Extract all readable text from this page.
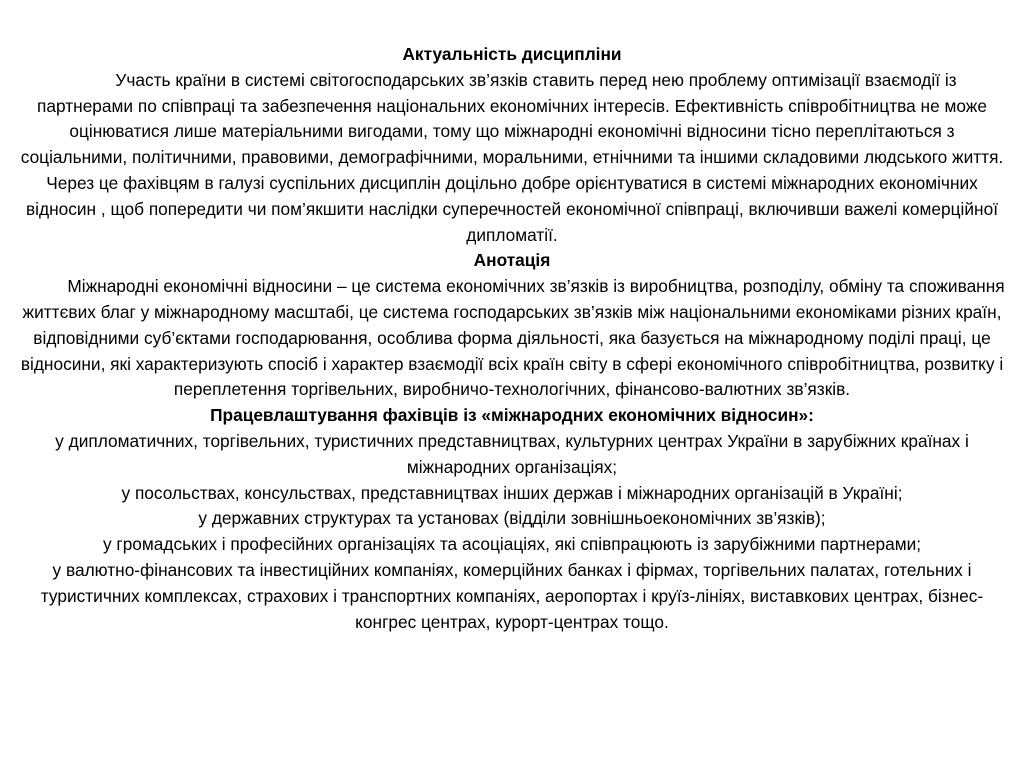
Актуальність дисципліни

Участь країни в системі світогосподарських зв’язків ставить перед нею проблему оптимізації взаємодії із партнерами по співпраці та забезпечення національних економічних інтересів. Ефективність співробітництва не може оцінюватися лише матеріальними вигодами, тому що міжнародні економічні відносини тісно переплітаються з соціальними, політичними, правовими, демографічними, моральними, етнічними та іншими складовими людського життя. Через це фахівцям в галузі суспільних дисциплін доцільно добре орієнтуватися в системі міжнародних економічних відносин , щоб попередити чи пом’якшити наслідки суперечностей економічної співпраці, включивши важелі комерційної дипломатії.

Анотація

Міжнародні економічні відносини – це система економічних зв’язків із виробництва, розподілу, обміну та споживання життєвих благ у міжнародному масштабі, це система господарських зв’язків між національними економіками різних країн, відповідними суб’єктами господарювання, особлива форма діяльності, яка базується на міжнародному поділі праці, це відносини, які характеризують спосіб і характер взаємодії всіх країн світу в сфері економічного співробітництва, розвитку і переплетення торгівельних, виробничо-технологічних, фінансово-валютних зв’язків.

Працевлаштування фахівців із «міжнародних економічних відносин»:

у дипломатичних, торгівельних, туристичних представництвах, культурних центрах України в зарубіжних країнах і міжнародних організаціях;

у посольствах, консульствах, представництвах інших держав і міжнародних організацій в Україні;

у державних структурах та установах (відділи зовнішньоекономічних зв’язків);

у громадських і професійних організаціях та асоціаціях, які співпрацюють із зарубіжними партнерами;

у валютно-фінансових та інвестиційних компаніях, комерційних банках і фірмах, торгівельних палатах, готельних і туристичних комплексах, страхових і транспортних компаніях, аеропортах і круїз-лініях, виставкових центрах, бізнес-конгрес центрах, курорт-центрах тощо.
